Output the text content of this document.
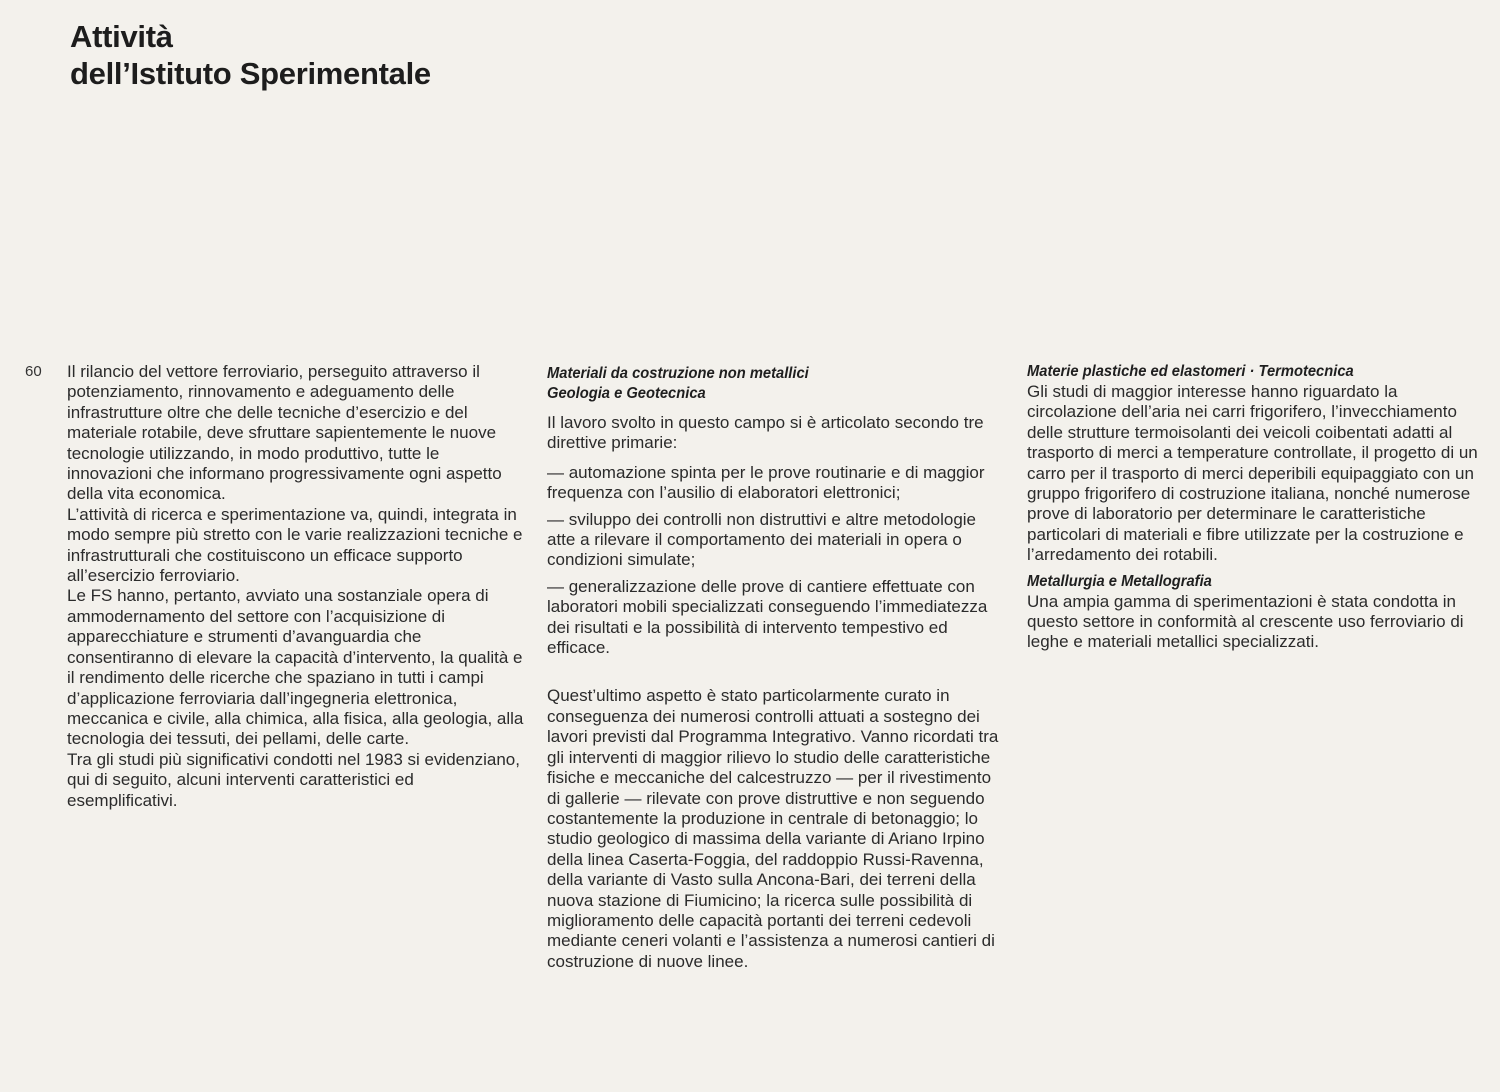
Attività
dell’Istituto Sperimentale
60 Il rilancio del vettore ferroviario, perseguito attraverso il potenziamento, rinnovamento e adeguamento delle infrastrutture oltre che delle tecniche d’esercizio e del materiale rotabile, deve sfruttare sapientemente le nuove tecnologie utilizzando, in modo produttivo, tutte le innovazioni che informano progressivamente ogni aspetto della vita economica.

L’attività di ricerca e sperimentazione va, quindi, integrata in modo sempre più stretto con le varie realizzazioni tecniche e infrastrutturali che costituiscono un efficace supporto all’esercizio ferroviario.

Le FS hanno, pertanto, avviato una sostanziale opera di ammodernamento del settore con l’acquisizione di apparecchiature e strumenti d’avanguardia che consentiranno di elevare la capacità d’intervento, la qualità e il rendimento delle ricerche che spaziano in tutti i campi d’applicazione ferroviaria dall’ingegneria elettronica, meccanica e civile, alla chimica, alla fisica, alla geologia, alla tecnologia dei tessuti, dei pellami, delle carte.

Tra gli studi più significativi condotti nel 1983 si evidenziano, qui di seguito, alcuni interventi caratteristici ed esemplificativi.

Materiali da costruzione non metallici

Geologia e Geotecnica

Il lavoro svolto in questo campo si è articolato secondo tre direttive primarie:

— automazione spinta per le prove routinarie e di maggior frequenza con l’ausilio di elaboratori elettronici;

— sviluppo dei controlli non distruttivi e altre metodologie atte a rilevare il comportamento dei materiali in opera o condizioni simulate;

— generalizzazione delle prove di cantiere effettuate con laboratori mobili specializzati conseguendo l’immediatezza dei risultati e la possibilità di intervento tempestivo ed efficace.

Quest’ultimo aspetto è stato particolarmente curato in conseguenza dei numerosi controlli attuati a sostegno dei lavori previsti dal Programma Integrativo. Vanno ricordati tra gli interventi di maggior rilievo lo studio delle caratteristiche fisiche e meccaniche del calcestruzzo — per il rivestimento di gallerie — rilevate con prove distruttive e non seguendo costantemente la produzione in centrale di betonaggio; lo studio geologico di massima della variante di Ariano Irpino della linea Caserta-Foggia, del raddoppio Russi-Ravenna, della variante di Vasto sulla Ancona-Bari, dei terreni della nuova stazione di Fiumicino; la ricerca sulle possibilità di miglioramento delle capacità portanti dei terreni cedevoli mediante ceneri volanti e l’assistenza a numerosi cantieri di costruzione di nuove linee.

Materie plastiche ed elastomeri · Termotecnica

Gli studi di maggior interesse hanno riguardato la circolazione dell’aria nei carri frigorifero, l’invecchiamento delle strutture termoisolanti dei veicoli coibentati adatti al trasporto di merci a temperature controllate, il progetto di un carro per il trasporto di merci deperibili equipaggiato con un gruppo frigorifero di costruzione italiana, nonché numerose prove di laboratorio per determinare le caratteristiche particolari di materiali e fibre utilizzate per la costruzione e l’arredamento dei rotabili.

Metallurgia e Metallografia

Una ampia gamma di sperimentazioni è stata condotta in questo settore in conformità al crescente uso ferroviario di leghe e materiali metallici specializzati.
